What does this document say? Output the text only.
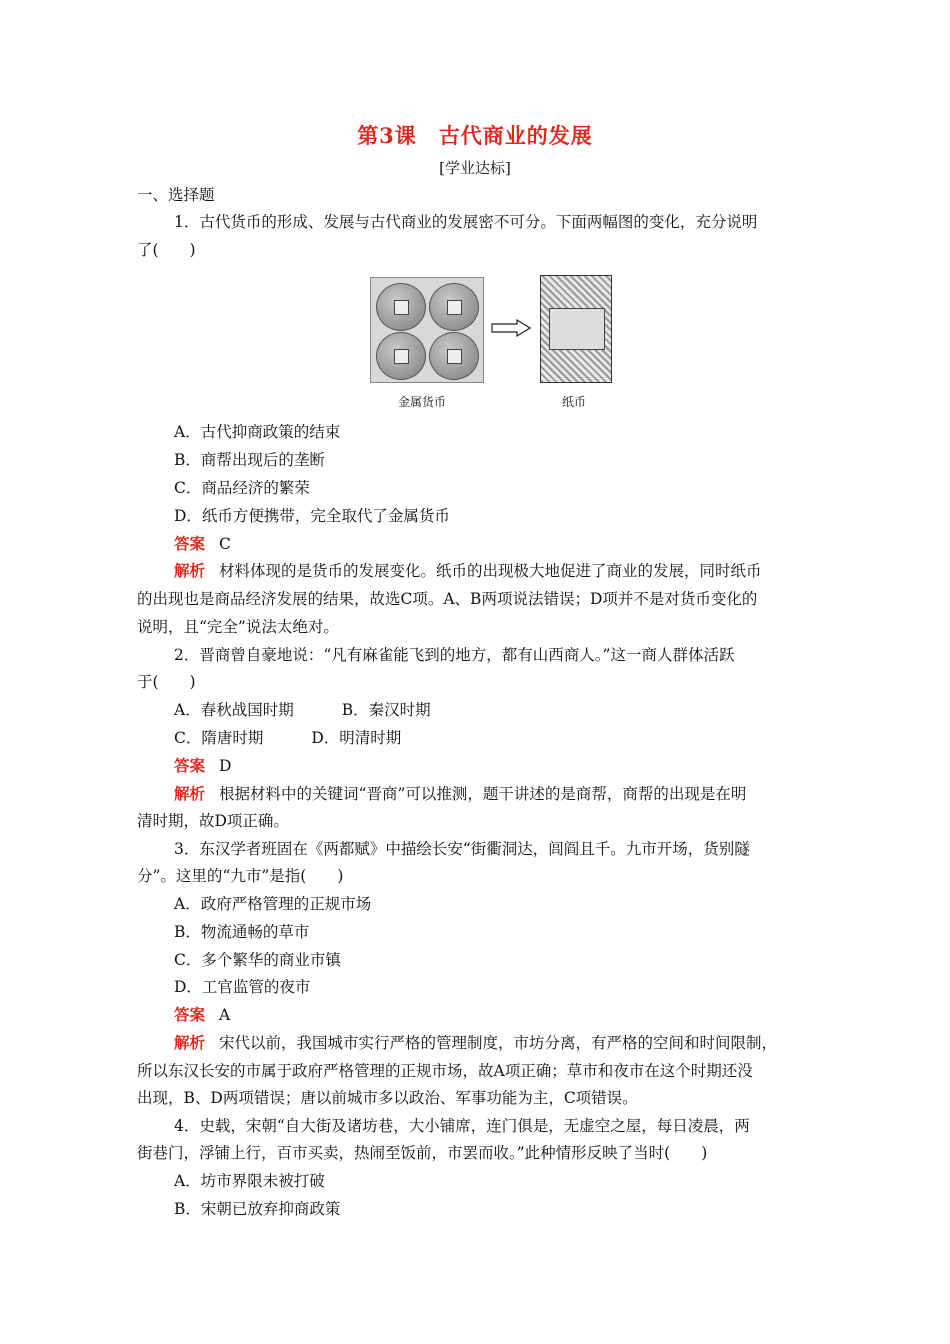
第3课 古代商业的发展
[学业达标]
一、选择题
1．古代货币的形成、发展与古代商业的发展密不可分。下面两幅图的变化，充分说明
了(　　)
金属货币	纸币
A．古代抑商政策的结束
B．商帮出现后的垄断
C．商品经济的繁荣
D．纸币方便携带，完全取代了金属货币
答案 C
解析 材料体现的是货币的发展变化。纸币的出现极大地促进了商业的发展，同时纸币
的出现也是商品经济发展的结果，故选C项。A、B两项说法错误；D项并不是对货币变化的
说明，且“完全”说法太绝对。
2．晋商曾自豪地说：“凡有麻雀能飞到的地方，都有山西商人。”这一商人群体活跃
于(　　)
A．春秋战国时期	B．秦汉时期
C．隋唐时期	D．明清时期
答案 D
解析 根据材料中的关键词“晋商”可以推测，题干讲述的是商帮，商帮的出现是在明
清时期，故D项正确。
3．东汉学者班固在《两都赋》中描绘长安“街衢洞达，闾阎且千。九市开场，货别隧
分”。这里的“九市”是指(　　)
A．政府严格管理的正规市场
B．物流通畅的草市
C．多个繁华的商业市镇
D．工官监管的夜市
答案 A
解析 宋代以前，我国城市实行严格的管理制度，市坊分离，有严格的空间和时间限制，
所以东汉长安的市属于政府严格管理的正规市场，故A项正确；草市和夜市在这个时期还没
出现，B、D两项错误；唐以前城市多以政治、军事功能为主，C项错误。
4．史载，宋朝“自大街及诸坊巷，大小铺席，连门俱是，无虚空之屋，每日凌晨，两
街巷门，浮铺上行，百市买卖，热闹至饭前，市罢而收。”此种情形反映了当时(　　)
A．坊市界限未被打破
B．宋朝已放弃抑商政策
